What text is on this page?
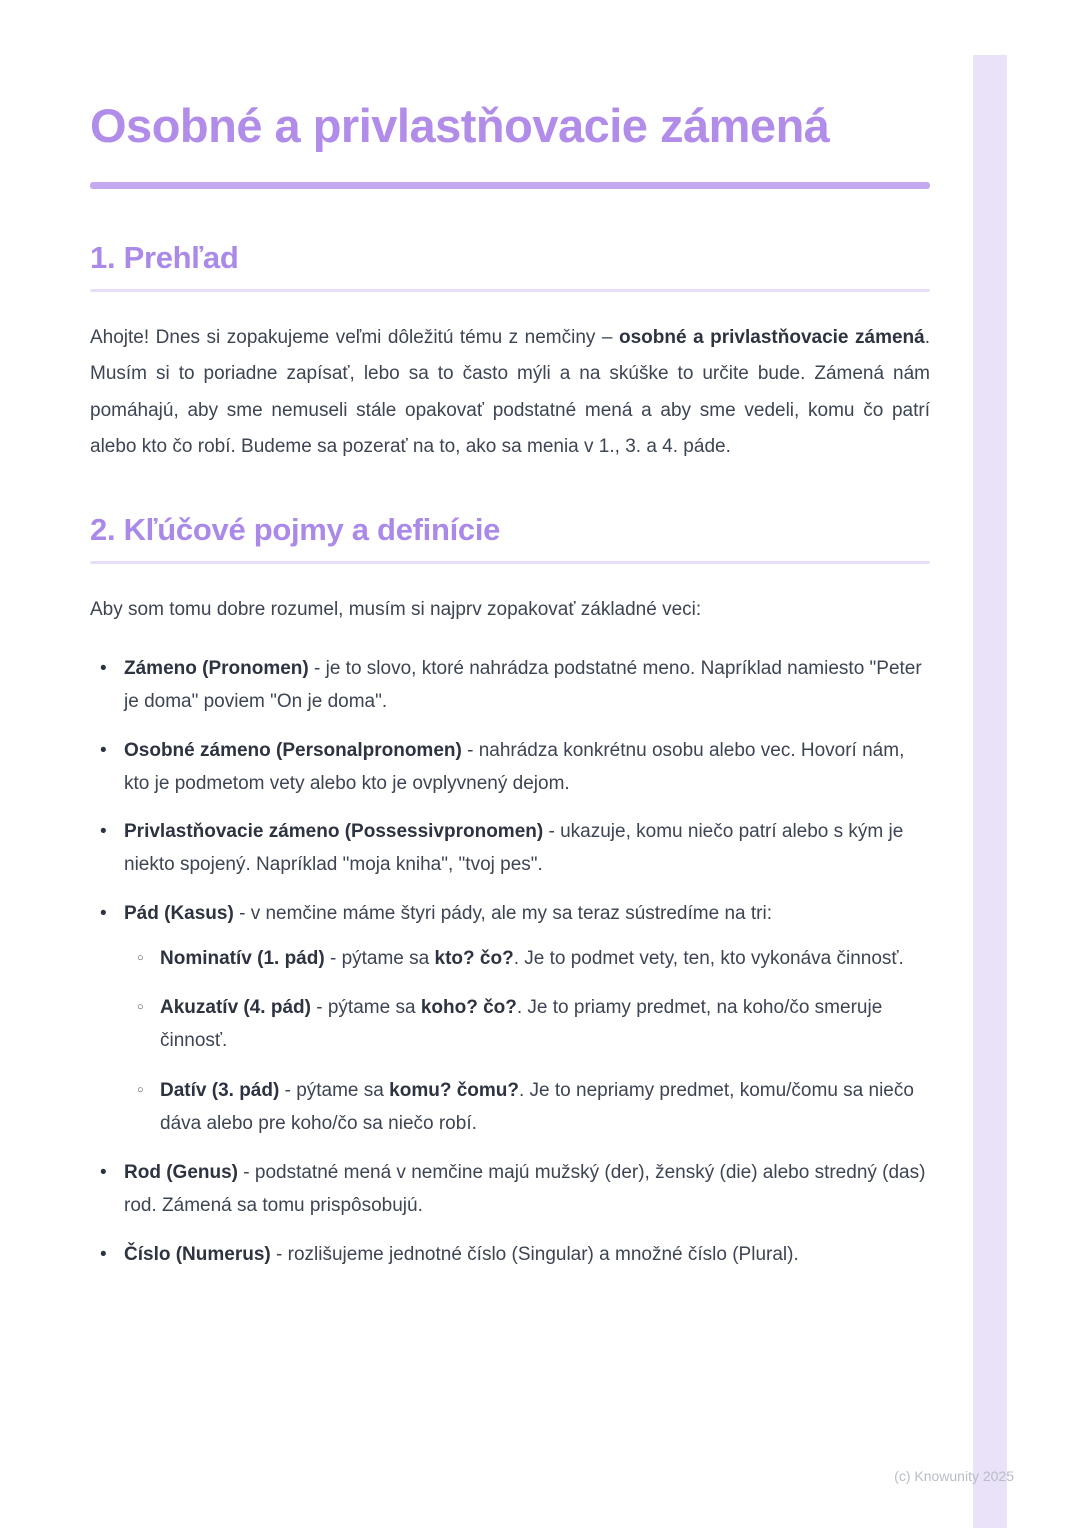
Osobné a privlastňovacie zámená
1. Prehľad

Ahojte! Dnes si zopakujeme veľmi dôležitú tému z nemčiny – osobné a privlastňovacie zámená. Musím si to poriadne zapísať, lebo sa to často mýli a na skúške to určite bude. Zámená nám pomáhajú, aby sme nemuseli stále opakovať podstatné mená a aby sme vedeli, komu čo patrí alebo kto čo robí. Budeme sa pozerať na to, ako sa menia v 1., 3. a 4. páde.

2. Kľúčové pojmy a definície

Aby som tomu dobre rozumel, musím si najprv zopakovať základné veci:

• Zámeno (Pronomen) - je to slovo, ktoré nahrádza podstatné meno. Napríklad namiesto "Peter je doma" poviem "On je doma".
• Osobné zámeno (Personalpronomen) - nahrádza konkrétnu osobu alebo vec. Hovorí nám, kto je podmetom vety alebo kto je ovplyvnený dejom.
• Privlastňovacie zámeno (Possessivpronomen) - ukazuje, komu niečo patrí alebo s kým je niekto spojený. Napríklad "moja kniha", "tvoj pes".
• Pád (Kasus) - v nemčine máme štyri pády, ale my sa teraz sústredíme na tri:
○ Nominatív (1. pád) - pýtame sa kto? čo?. Je to podmet vety, ten, kto vykonáva činnosť.
○ Akuzatív (4. pád) - pýtame sa koho? čo?. Je to priamy predmet, na koho/čo smeruje činnosť.
○ Datív (3. pád) - pýtame sa komu? čomu?. Je to nepriamy predmet, komu/čomu sa niečo dáva alebo pre koho/čo sa niečo robí.
• Rod (Genus) - podstatné mená v nemčine majú mužský (der), ženský (die) alebo stredný (das) rod. Zámená sa tomu prispôsobujú.
• Číslo (Numerus) - rozlišujeme jednotné číslo (Singular) a množné číslo (Plural).
(c) Knowunity 2025
